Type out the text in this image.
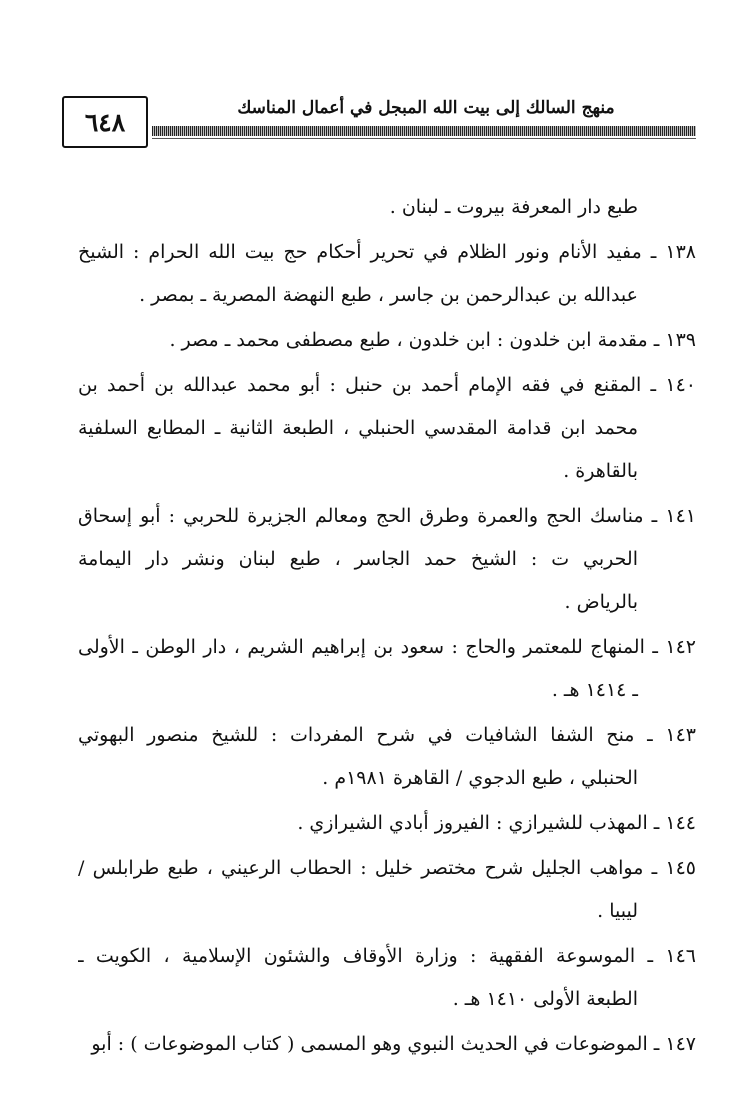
٦٤٨	منهج السالك إلى بيت الله المبجل في أعمال المناسك
طبع دار المعرفة بيروت ـ لبنان .
١٣٨ ـ مفيد الأنام ونور الظلام في تحرير أحكام حج بيت الله الحرام : الشيخ
عبدالله بن عبدالرحمن بن جاسر ، طبع النهضة المصرية ـ بمصر .
١٣٩ ـ مقدمة ابن خلدون : ابن خلدون ، طبع مصطفى محمد ـ مصر .
١٤٠ ـ المقنع في فقه الإمام أحمد بن حنبل : أبو محمد عبدالله بن أحمد بن
محمد ابن قدامة المقدسي الحنبلي ، الطبعة الثانية ـ المطابع السلفية
بالقاهرة .
١٤١ ـ مناسك الحج والعمرة وطرق الحج ومعالم الجزيرة للحربي : أبو إسحاق
الحربي ت : الشيخ حمد الجاسر ، طبع لبنان ونشر دار اليمامة
بالرياض .
١٤٢ ـ المنهاج للمعتمر والحاج : سعود بن إبراهيم الشريم ، دار الوطن ـ الأولى
ـ ١٤١٤ هـ .
١٤٣ ـ منح الشفا الشافيات في شرح المفردات : للشيخ منصور البهوتي
الحنبلي ، طبع الدجوي / القاهرة ١٩٨١م .
١٤٤ ـ المهذب للشيرازي : الفيروز أبادي الشيرازي .
١٤٥ ـ مواهب الجليل شرح مختصر خليل : الحطاب الرعيني ، طبع طرابلس /
ليبيا .
١٤٦ ـ الموسوعة الفقهية : وزارة الأوقاف والشئون الإسلامية ، الكويت ـ
الطبعة الأولى ١٤١٠ هـ .
١٤٧ ـ الموضوعات في الحديث النبوي وهو المسمى ( كتاب الموضوعات ) : أبو
